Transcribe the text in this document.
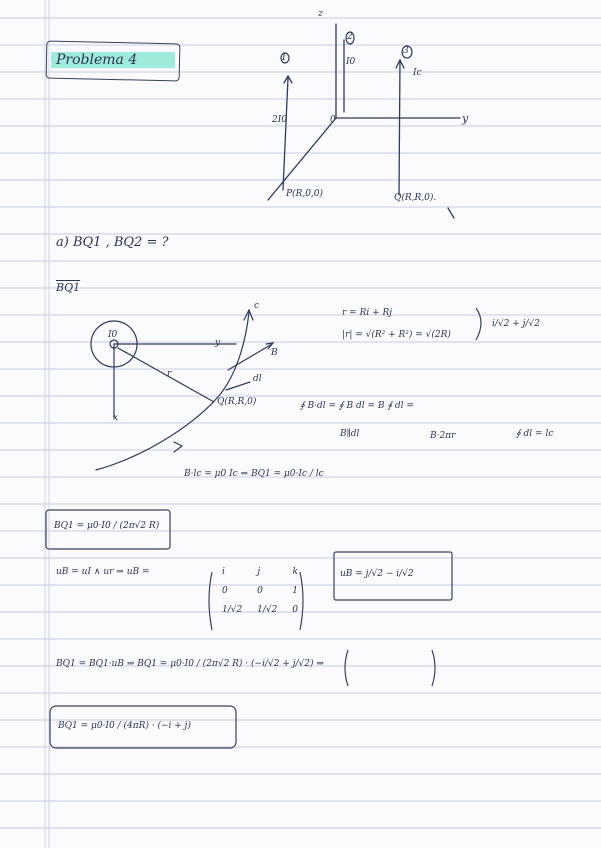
Problema 4
z
y
0
1
2
3
I0
Ic
2I0
P(R,0,0)	Q(R,R,0).
a) BQ1 , BQ2 = ?
BQ1
I0
y
x
r
c
B
dl
Q(R,R,0)
r = Ri + Rj
|r| = √(R² + R²) = √(2R)
i/√2 + j/√2
∮ B·dl = ∮ B dl = B ∮ dl =
B∥dl	B·2πr	∮ dl = lc
B·lc = μ0 Ic ⇒ BQ1 = μ0·Ic / lc
BQ1 = μ0·I0 / (2π√2 R)
uB = uI ∧ ur ⇒ uB =	i	j	k
0	0	1
1/√2 1/√2 0
uB = j/√2 − i/√2
BQ1 = BQ1·uB ⇒ BQ1 = μ0·I0 / (2π√2 R) · (−i/√2 + j/√2) ⇒
BQ1 = μ0·I0 / (4πR) · (−i + j)
